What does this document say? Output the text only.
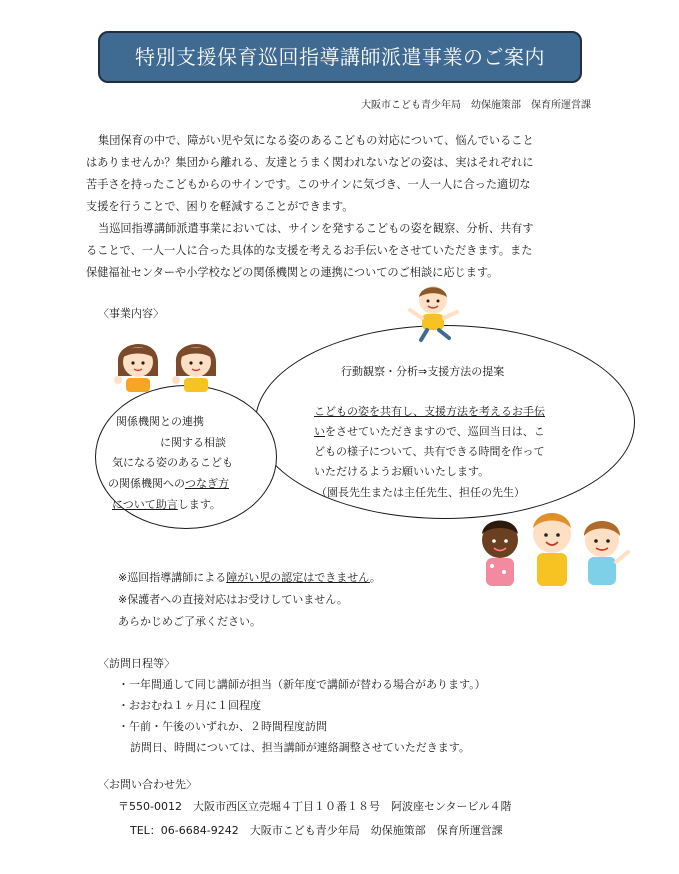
特別支援保育巡回指導講師派遣事業のご案内
大阪市こども青少年局　幼保施策部　保育所運営課
集団保育の中で、障がい児や気になる姿のあるこどもの対応について、悩んでいること
はありませんか？集団から離れる、友達とうまく関われないなどの姿は、実はそれぞれに
苦手さを持ったこどもからのサインです。このサインに気づき、一人一人に合った適切な
支援を行うことで、困りを軽減することができます。
当巡回指導講師派遣事業においては、サインを発するこどもの姿を観察、分析、共有す
ることで、一人一人に合った具体的な支援を考えるお手伝いをさせていただきます。また
保健福祉センターや小学校などの関係機関との連携についてのご相談に応じます。
〈事業内容〉
関係機関との連携
に関する相談
気になる姿のあるこども
の関係機関へのつなぎ方
について助言します。
行動観察・分析⇒支援方法の提案
こどもの姿を共有し、支援方法を考えるお手伝
いをさせていただきますので、巡回当日は、こ
どもの様子について、共有できる時間を作って
いただけるようお願いいたします。
（園長先生または主任先生、担任の先生）
※巡回指導講師による障がい児の認定はできません。
※保護者への直接対応はお受けしていません。
あらかじめご了承ください。
〈訪問日程等〉
・一年間通して同じ講師が担当（新年度で講師が替わる場合があります。）
・おおむね１ヶ月に１回程度
・午前・午後のいずれか、２時間程度訪問
訪問日、時間については、担当講師が連絡調整させていただきます。
〈お問い合わせ先〉
〒550-0012　大阪市西区立売堀４丁目１０番１８号　阿波座センタービル４階
TEL：06-6684-9242　大阪市こども青少年局　幼保施策部　保育所運営課
